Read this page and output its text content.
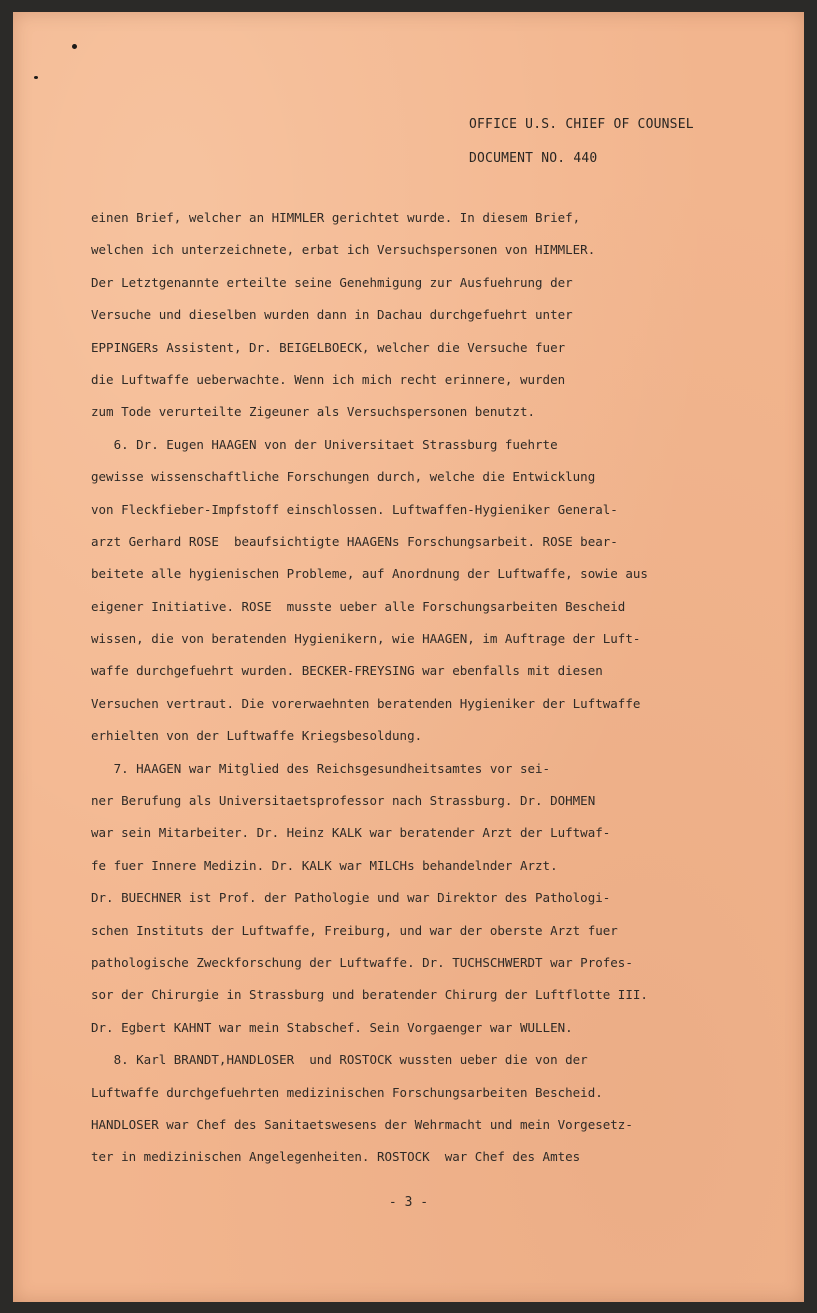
OFFICE U.S. CHIEF OF COUNSEL
DOCUMENT NO. 440
einen Brief, welcher an HIMMLER gerichtet wurde. In diesem Brief,
welchen ich unterzeichnete, erbat ich Versuchspersonen von HIMMLER.
Der Letztgenannte erteilte seine Genehmigung zur Ausfuehrung der
Versuche und dieselben wurden dann in Dachau durchgefuehrt unter
EPPINGERs Assistent, Dr. BEIGELBOECK, welcher die Versuche fuer
die Luftwaffe ueberwachte. Wenn ich mich recht erinnere, wurden
zum Tode verurteilte Zigeuner als Versuchspersonen benutzt.
6. Dr. Eugen HAAGEN von der Universitaet Strassburg fuehrte
gewisse wissenschaftliche Forschungen durch, welche die Entwicklung
von Fleckfieber-Impfstoff einschlossen. Luftwaffen-Hygieniker General-
arzt Gerhard ROSE  beaufsichtigte HAAGENs Forschungsarbeit. ROSE bear-
beitete alle hygienischen Probleme, auf Anordnung der Luftwaffe, sowie aus
eigener Initiative. ROSE  musste ueber alle Forschungsarbeiten Bescheid
wissen, die von beratenden Hygienikern, wie HAAGEN, im Auftrage der Luft-
waffe durchgefuehrt wurden. BECKER-FREYSING war ebenfalls mit diesen
Versuchen vertraut. Die vorerwaehnten beratenden Hygieniker der Luftwaffe
erhielten von der Luftwaffe Kriegsbesoldung.
7. HAAGEN war Mitglied des Reichsgesundheitsamtes vor sei-
ner Berufung als Universitaetsprofessor nach Strassburg. Dr. DOHMEN
war sein Mitarbeiter. Dr. Heinz KALK war beratender Arzt der Luftwaf-
fe fuer Innere Medizin. Dr. KALK war MILCHs behandelnder Arzt.
Dr. BUECHNER ist Prof. der Pathologie und war Direktor des Pathologi-
schen Instituts der Luftwaffe, Freiburg, und war der oberste Arzt fuer
pathologische Zweckforschung der Luftwaffe. Dr. TUCHSCHWERDT war Profes-
sor der Chirurgie in Strassburg und beratender Chirurg der Luftflotte III.
Dr. Egbert KAHNT war mein Stabschef. Sein Vorgaenger war WULLEN.
8. Karl BRANDT,HANDLOSER  und ROSTOCK wussten ueber die von der
Luftwaffe durchgefuehrten medizinischen Forschungsarbeiten Bescheid.
HANDLOSER war Chef des Sanitaetswesens der Wehrmacht und mein Vorgesetz-
ter in medizinischen Angelegenheiten. ROSTOCK  war Chef des Amtes
- 3 -
